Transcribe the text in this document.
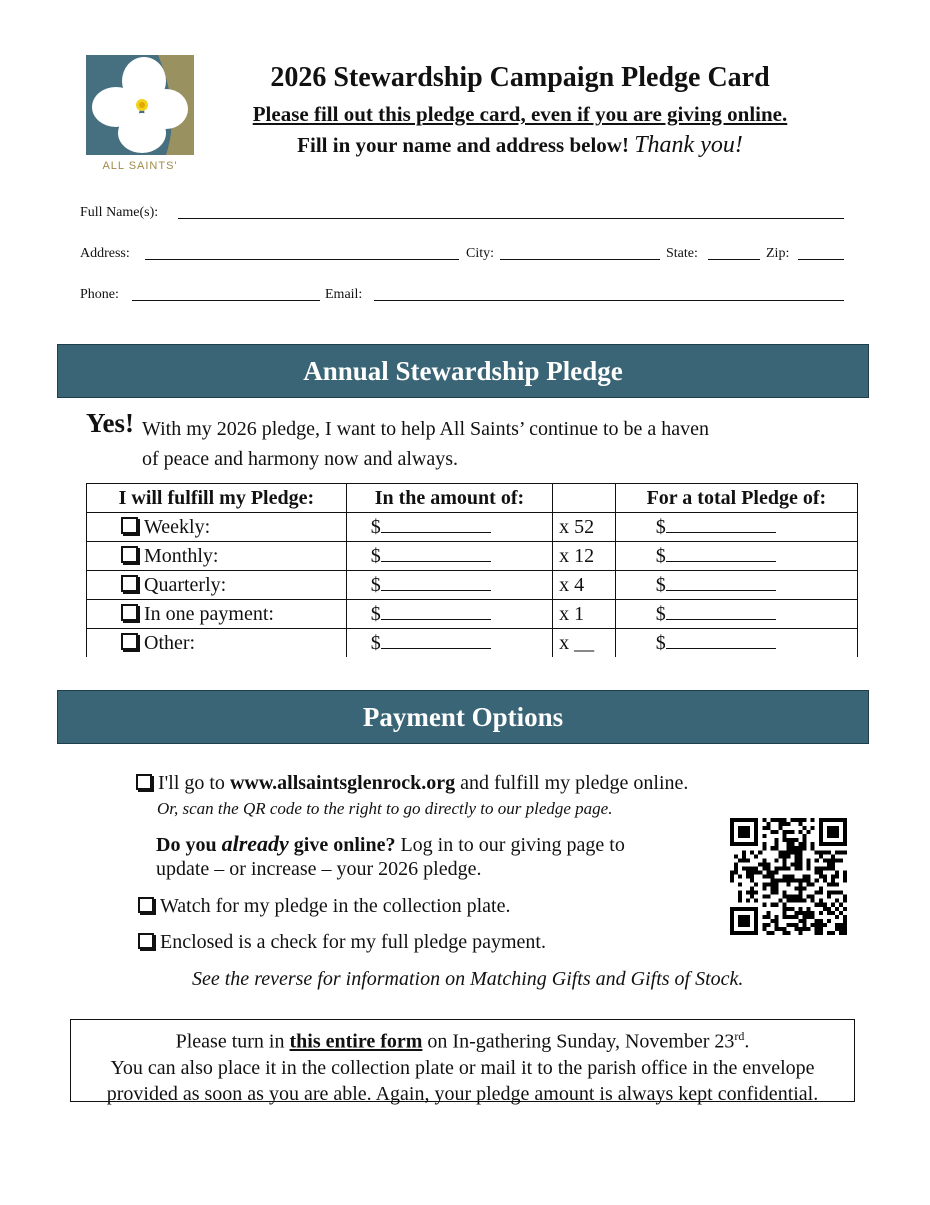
ALL SAINTS'
2026 Stewardship Campaign Pledge Card
Please fill out this pledge card, even if you are giving online.
Fill in your name and address below! Thank you!
Full Name(s):
Address:	City:	State:	Zip:
Phone:	Email:
Annual Stewardship Pledge
Yes! With my 2026 pledge, I want to help All Saints’ continue to be a haven
of peace and harmony now and always.
I will fulfill my Pledge:	In the amount of:		For a total Pledge of:
Weekly:	$	x 52	$
Monthly:	$	x 12	$
Quarterly:	$	x 4	$
In one payment:	$	x 1	$
Other:	$	x __	$
Payment Options
I'll go to www.allsaintsglenrock.org and fulfill my pledge online.
Or, scan the QR code to the right to go directly to our pledge page.
Do you already give online? Log in to our giving page to
update – or increase – your 2026 pledge.
Watch for my pledge in the collection plate.
Enclosed is a check for my full pledge payment.
See the reverse for information on Matching Gifts and Gifts of Stock.
Please turn in this entire form on In-gathering Sunday, November 23rd.
You can also place it in the collection plate or mail it to the parish office in the envelope
provided as soon as you are able. Again, your pledge amount is always kept confidential.
